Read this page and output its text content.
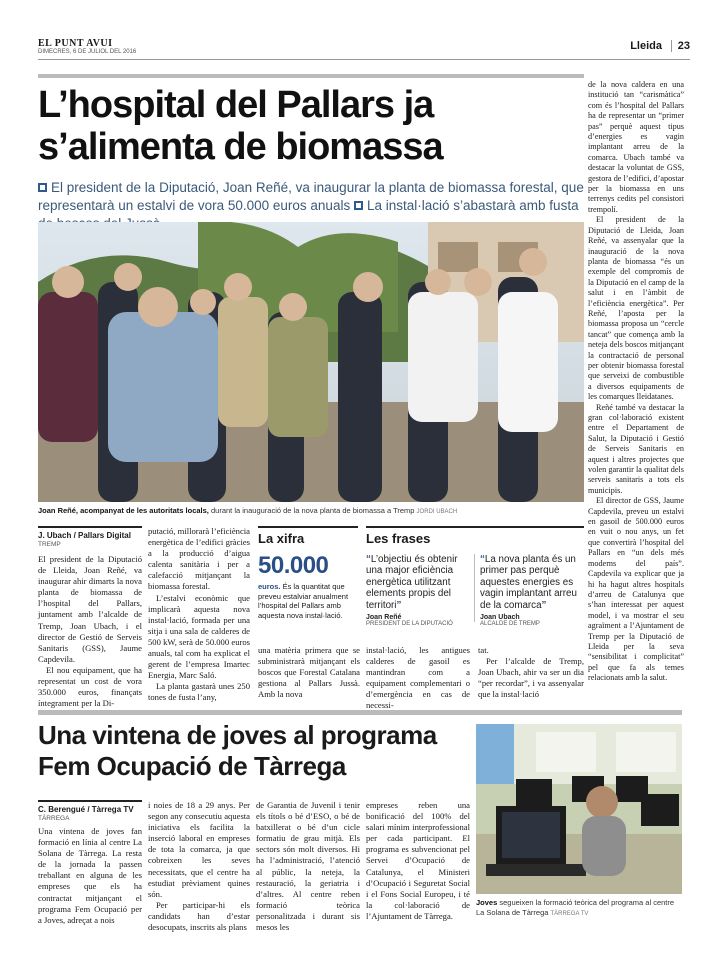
EL PUNT AVUI
DIMECRES, 6 DE JULIOL DEL 2016	Lleida	23
L’hospital del Pallars ja s’alimenta de biomassa
El president de la Diputació, Joan Reñé, va inaugurar la planta de biomassa forestal, que representarà un estalvi de vora 50.000 euros anuals La instal·lació s’abastarà amb fusta
Joan Reñé, acompanyat de les autoritats locals, durant la inauguració de la nova planta de biomassa a Tremp JORDI UBACH
J. Ubach / Pallars Digital
TREMP

El president de la Diputació de Lleida, Joan Reñé, va inaugurar ahir dimarts la nova planta de biomassa de l’hospital del Pallars, juntament amb l’alcalde de Tremp, Joan Ubach, i el director de Gestió de Serveis Sanitaris (GSS), Jaume Capdevila.

El nou equipament, que ha representat un cost de vora 350.000 euros, finançats íntegrament per la Di-

putació, millorarà l’eficiència energètica de l’edifici gràcies a la producció d’aigua calenta sanitària i per a calefacció mitjançant la biomassa forestal.

L’estalvi econòmic que implicarà aquesta nova instal·lació, formada per una sitja i una sala de calderes de 500 kW, serà de 50.000 euros anuals, tal com ha explicat el gerent de l’empresa Imartec Energia, Marc Saló.

La planta gastarà unes 250 tones de fusta l’any,

La xifra
50.000
euros. És la quantitat que preveu estalviar anualment l’hospital del Pallars amb aquesta nova instal·lació.
Les frases
“L’objectiu és obtenir una major eficiència energètica utilitzant elements propis del territori”
Joan Reñé
PRESIDENT DE LA DIPUTACIÓ
“La nova planta és un primer pas perquè aquestes energies es vagin implantant arreu de la comarca”
Joan Ubach
ALCALDE DE TREMP

una matèria primera que se subministrarà mitjançant els boscos que Forestal Catalana gestiona al Pallars Jussà. Amb la nova

instal·lació, les antigues calderes de gasoil es mantindran com a equipament complementari o d’emergència en cas de necessi-

tat.

Per l’alcalde de Tremp, Joan Ubach, ahir va ser un dia “per recordar”, i va assenyalar que la instal·lació

de la nova caldera en una institució tan “carismàtica” com és l’hospital del Pallars ha de representar un “primer pas” perquè aquest tipus d’energies es vagin implantant arreu de la comarca. Ubach també va destacar la voluntat de GSS, gestora de l’edifici, d’apostar per la biomassa en uns terrenys cedits pel consistori trempolí.

El president de la Diputació de Lleida, Joan Reñé, va assenyalar que la inauguració de la nova planta de biomassa “és un exemple del compromís de la Diputació en el camp de la salut i en l’àmbit de l’eficiència energètica”. Per Reñé, l’aposta per la biomassa proposa un “cercle tancat” que comença amb la neteja dels boscos mitjançant la contractació de personal per obtenir biomassa forestal que serveixi de combustible a diversos equipaments de les comarques lleidatanes.

Reñé també va destacar la gran col·laboració existent entre el Departament de Salut, la Diputació i Gestió de Serveis Sanitaris en aquest i altres projectes que volen garantir la qualitat dels serveis sanitaris a tots els municipis.

El director de GSS, Jaume Capdevila, preveu un estalvi en gasoil de 500.000 euros en vuit o nou anys, un fet que convertirà l’hospital del Pallars en “un dels més moderns del país”. Capdevila va explicar que ja hi ha hagut altres hospitals d’arreu de Catalunya que s’han interessat per aquest model, i va mostrar el seu agraïment a l’Ajuntament de Tremp per la Diputació de Lleida per la seva “sensibilitat i complicitat” pel que fa als temes relacionats amb la salut.

Una vintena de joves al programa Fem Ocupació de Tàrrega
C. Berengué / Tàrrega TV
TÀRREGA

Una vintena de joves fan formació en línia al centre La Solana de Tàrrega. La resta de la jornada la passen treballant en alguna de les empreses que els ha contractat mitjançant el programa Fem Ocupació per a Joves, adreçat a nois

i noies de 18 a 29 anys. Per segon any consecutiu aquesta iniciativa els facilita la inserció laboral en empreses de tota la comarca, ja que cobreixen les seves necessitats, que el centre ha estudiat prèviament quines són.

Per participar-hi els candidats han d’estar desocupats, inscrits als plans

de Garantia de Juvenil i tenir els títols o bé d’ESO, o bé de batxillerat o bé d’un cicle formatiu de grau mitjà. Els sectors són molt diversos. Hi ha l’administració, l’atenció al públic, la neteja, la restauració, la geriatria i d’altres. Al centre reben formació teòrica personalitzada i durant sis mesos les

empreses reben una bonificació del 100% del salari mínim interprofessional per cada participant. El programa es subvencionat pel Servei d’Ocupació de Catalunya, el Ministeri d’Ocupació i Seguretat Social i el Fons Social Europeu, i té la col·laboració de l’Ajuntament de Tàrrega.

Joves segueixen la formació teòrica del programa al centre La Solana de Tàrrega TÀRREGA TV
